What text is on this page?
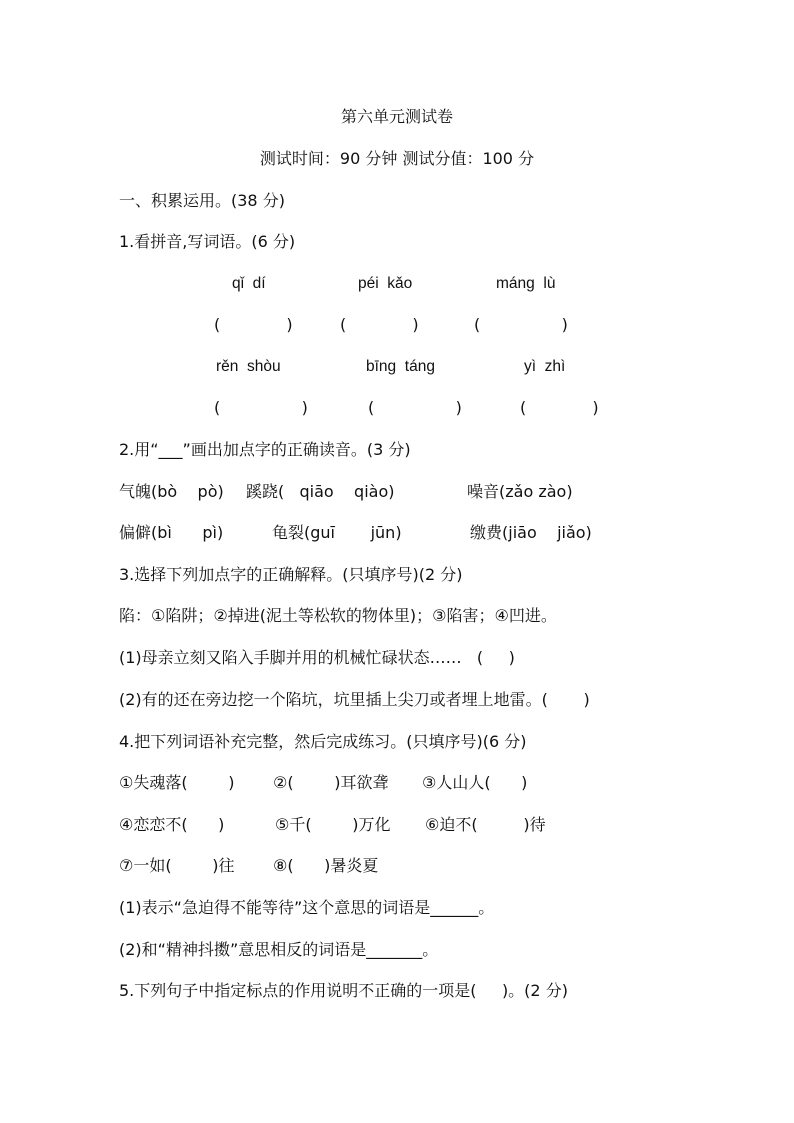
第六单元测试卷
测试时间：90 分钟 测试分值：100 分
一、积累运用。(38 分)
1.看拼音,写词语。(6 分)
qǐ  dí	péi  kǎo	máng  lù
(             )	(             )	(                )
rěn  shòu	bīng  táng	yì  zhì
(                )	(                )	(             )
2.用“___”画出加点字的正确读音。(3 分)
气魄(bò    pò) 蹊跷(   qiāo    qiào)	噪音(zǎo zào)
偏僻(bì      pì)	龟裂(guī       jūn)	缴费(jiāo    jiǎo)
3.选择下列加点字的正确解释。(只填序号)(2 分)
陷：①陷阱；②掉进(泥土等松软的物体里)；③陷害；④凹进。
(1)母亲立刻又陷入手脚并用的机械忙碌状态……   (     )
(2)有的还在旁边挖一个陷坑，坑里插上尖刀或者埋上地雷。(       )
4.把下列词语补充完整，然后完成练习。(只填序号)(6 分)
①失魂落(        ) ②(        )耳欲聋 ③人山人(      )
④恋恋不(      )	⑤千(        )万化 ⑥迫不(         )待
⑦一如(        )往 ⑧(      )暑炎夏
(1)表示“急迫得不能等待”这个意思的词语是______。
(2)和“精神抖擞”意思相反的词语是_______。
5.下列句子中指定标点的作用说明不正确的一项是(     )。(2 分)
